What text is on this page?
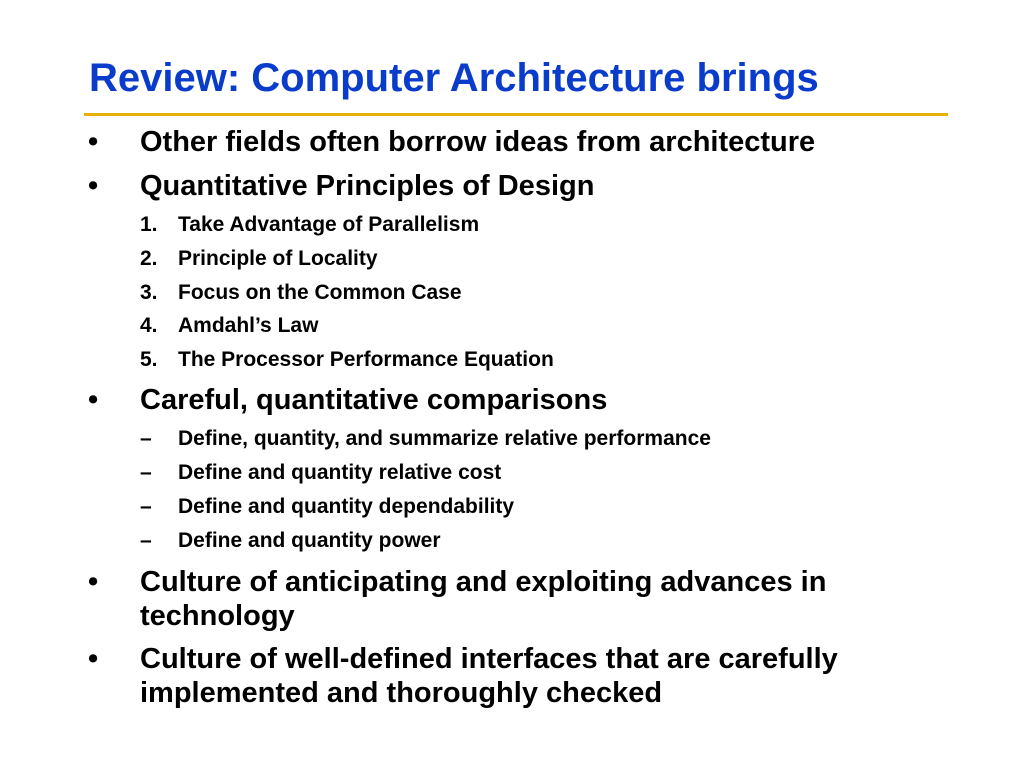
Review: Computer Architecture brings
• Other fields often borrow ideas from architecture
• Quantitative Principles of Design
1. Take Advantage of Parallelism
2. Principle of Locality
3. Focus on the Common Case
4. Amdahl’s Law
5. The Processor Performance Equation
• Careful, quantitative comparisons
– Define, quantity, and summarize relative performance
– Define and quantity relative cost
– Define and quantity dependability
– Define and quantity power
• Culture of anticipating and exploiting advances in
technology
• Culture of well-defined interfaces that are carefully
implemented and thoroughly checked
